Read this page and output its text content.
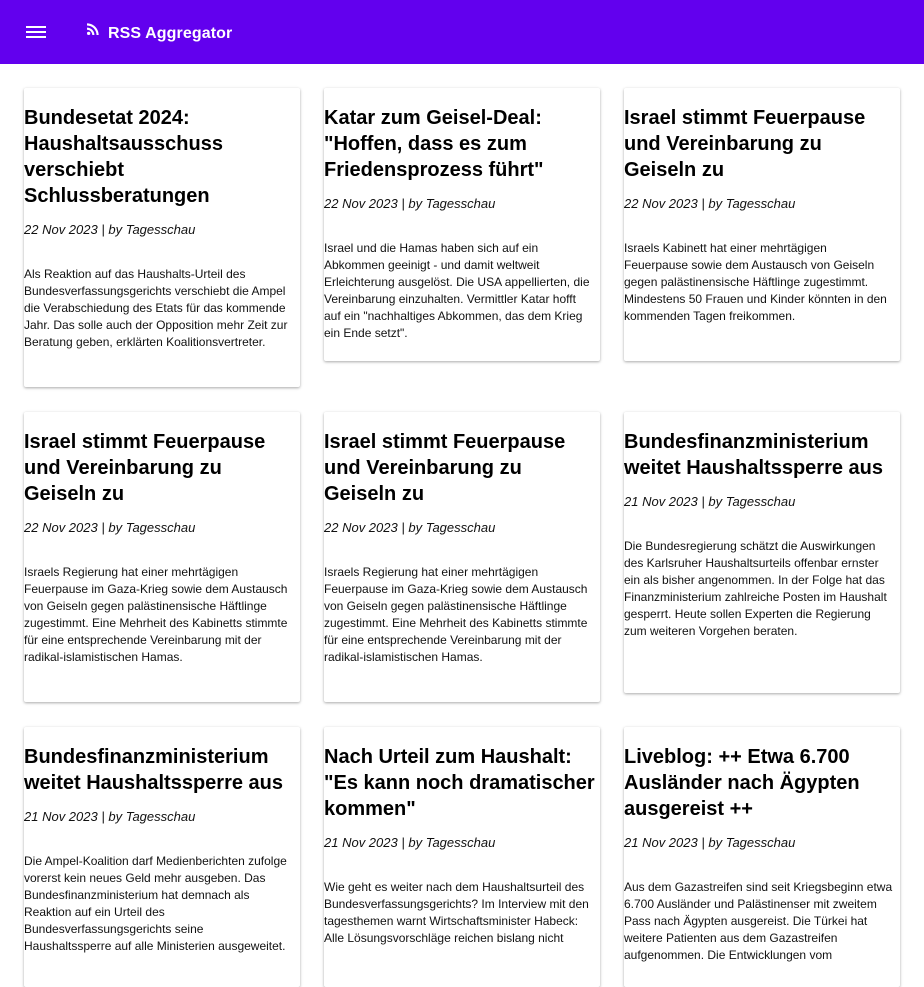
RSS Aggregator
Bundesetat 2024:
Haushaltsausschuss
verschiebt
Schlussberatungen
22 Nov 2023 | by Tagesschau
Als Reaktion auf das Haushalts-Urteil des Bundesverfassungsgerichts verschiebt die Ampel die Verabschiedung des Etats für das kommende Jahr. Das solle auch der Opposition mehr Zeit zur Beratung geben, erklärten Koalitionsvertreter.
Katar zum Geisel-Deal:
"Hoffen, dass es zum
Friedensprozess führt"
22 Nov 2023 | by Tagesschau
Israel und die Hamas haben sich auf ein Abkommen geeinigt - und damit weltweit Erleichterung ausgelöst. Die USA appellierten, die Vereinbarung einzuhalten. Vermittler Katar hofft auf ein "nachhaltiges Abkommen, das dem Krieg ein Ende setzt".
Israel stimmt Feuerpause
und Vereinbarung zu
Geiseln zu
22 Nov 2023 | by Tagesschau
Israels Kabinett hat einer mehrtägigen Feuerpause sowie dem Austausch von Geiseln gegen palästinensische Häftlinge zugestimmt. Mindestens 50 Frauen und Kinder könnten in den kommenden Tagen freikommen.
Israel stimmt Feuerpause
und Vereinbarung zu
Geiseln zu
22 Nov 2023 | by Tagesschau
Israels Regierung hat einer mehrtägigen Feuerpause im Gaza-Krieg sowie dem Austausch von Geiseln gegen palästinensische Häftlinge zugestimmt. Eine Mehrheit des Kabinetts stimmte für eine entsprechende Vereinbarung mit der radikal-islamistischen Hamas.
Israel stimmt Feuerpause
und Vereinbarung zu
Geiseln zu
22 Nov 2023 | by Tagesschau
Israels Regierung hat einer mehrtägigen Feuerpause im Gaza-Krieg sowie dem Austausch von Geiseln gegen palästinensische Häftlinge zugestimmt. Eine Mehrheit des Kabinetts stimmte für eine entsprechende Vereinbarung mit der radikal-islamistischen Hamas.
Bundesfinanzministerium
weitet Haushaltssperre aus
21 Nov 2023 | by Tagesschau
Die Bundesregierung schätzt die Auswirkungen des Karlsruher Haushaltsurteils offenbar ernster ein als bisher angenommen. In der Folge hat das Finanzministerium zahlreiche Posten im Haushalt gesperrt. Heute sollen Experten die Regierung zum weiteren Vorgehen beraten.
Bundesfinanzministerium
weitet Haushaltssperre aus
21 Nov 2023 | by Tagesschau
Die Ampel-Koalition darf Medienberichten zufolge vorerst kein neues Geld mehr ausgeben. Das Bundesfinanzministerium hat demnach als Reaktion auf ein Urteil des Bundesverfassungsgerichts seine Haushaltssperre auf alle Ministerien ausgeweitet.
Nach Urteil zum Haushalt:
"Es kann noch dramatischer
kommen"
21 Nov 2023 | by Tagesschau
Wie geht es weiter nach dem Haushaltsurteil des Bundesverfassungsgerichts? Im Interview mit den tagesthemen warnt Wirtschaftsminister Habeck: Alle Lösungsvorschläge reichen bislang nicht
Liveblog: ++ Etwa 6.700
Ausländer nach Ägypten
ausgereist ++
21 Nov 2023 | by Tagesschau
Aus dem Gazastreifen sind seit Kriegsbeginn etwa 6.700 Ausländer und Palästinenser mit zweitem Pass nach Ägypten ausgereist. Die Türkei hat weitere Patienten aus dem Gazastreifen aufgenommen. Die Entwicklungen vom
